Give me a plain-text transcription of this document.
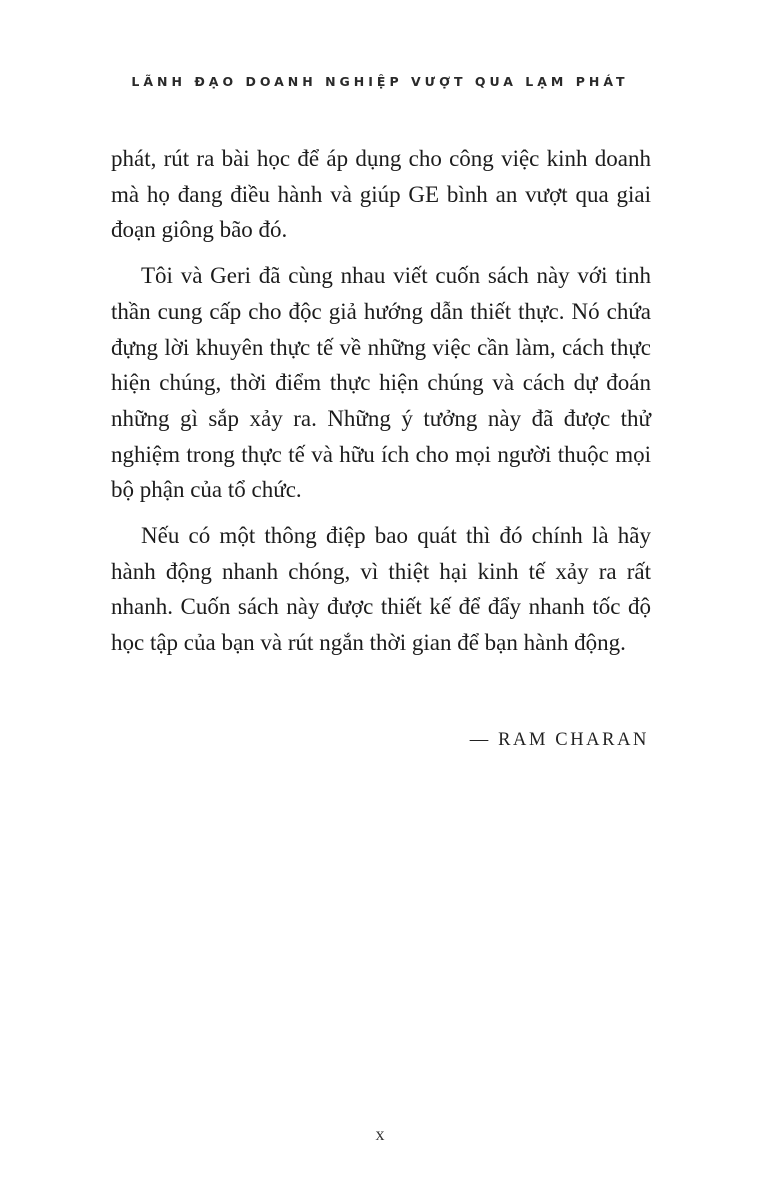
LÃNH ĐẠO DOANH NGHIỆP VƯỢT QUA LẠM PHÁT

phát, rút ra bài học để áp dụng cho công việc kinh doanh mà họ đang điều hành và giúp GE bình an vượt qua giai đoạn giông bão đó.

Tôi và Geri đã cùng nhau viết cuốn sách này với tinh thần cung cấp cho độc giả hướng dẫn thiết thực. Nó chứa đựng lời khuyên thực tế về những việc cần làm, cách thực hiện chúng, thời điểm thực hiện chúng và cách dự đoán những gì sắp xảy ra. Những ý tưởng này đã được thử nghiệm trong thực tế và hữu ích cho mọi người thuộc mọi bộ phận của tổ chức.

Nếu có một thông điệp bao quát thì đó chính là hãy hành động nhanh chóng, vì thiệt hại kinh tế xảy ra rất nhanh. Cuốn sách này được thiết kế để đẩy nhanh tốc độ học tập của bạn và rút ngắn thời gian để bạn hành động.

— RAM CHARAN
x
